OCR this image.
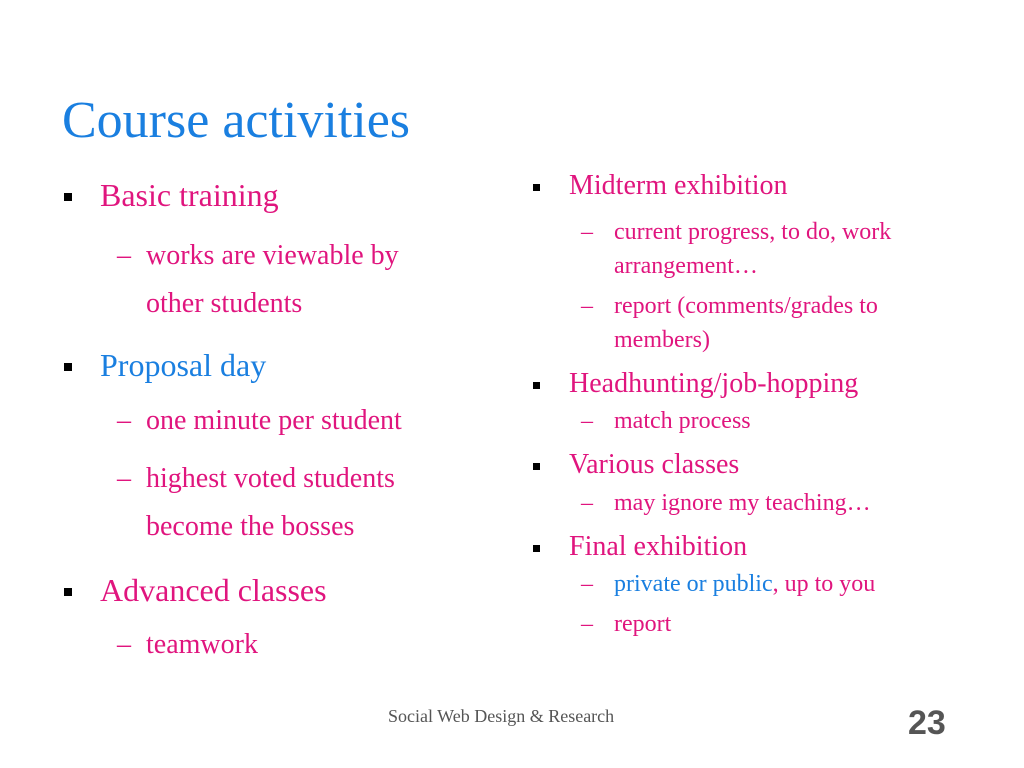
Course activities
Basic training
– works are viewable by
other students
Proposal day
– one minute per student
– highest voted students
become the bosses
Advanced classes
– teamwork
Midterm exhibition
– current progress, to do, work
arrangement…
– report (comments/grades to
members)
Headhunting/job-hopping
– match process
Various classes
– may ignore my teaching…
Final exhibition
– private or public, up to you
– report
Social Web Design & Research	23
